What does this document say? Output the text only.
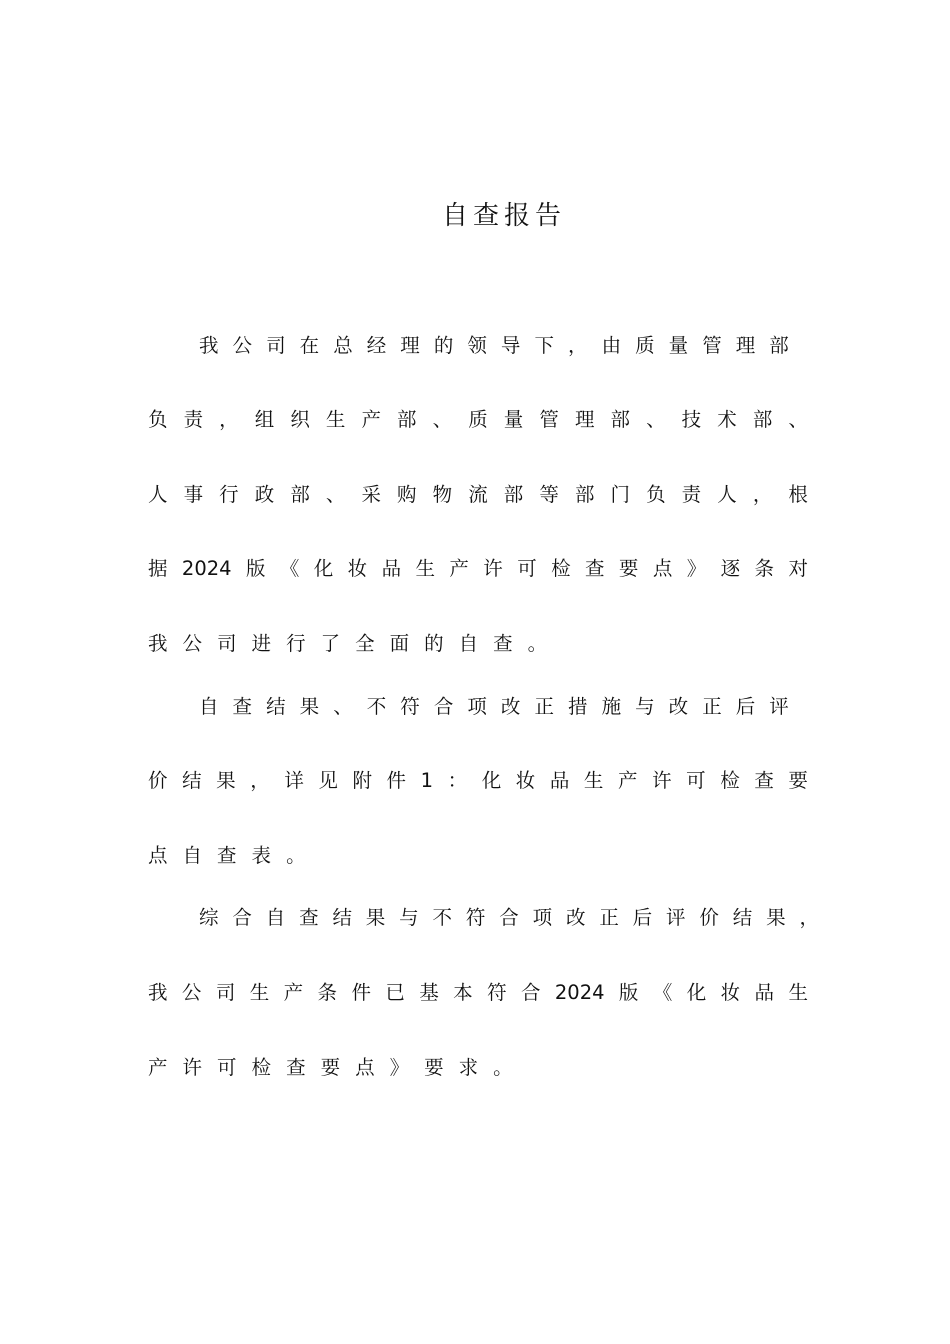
自查报告
我 公 司 在 总 经 理 的 领 导 下 ， 由 质 量 管 理 部
负 责 ， 组 织 生 产 部 、 质 量 管 理 部 、 技 术 部 、
人 事 行 政 部 、 采 购 物 流 部 等 部 门 负 责 人 ， 根
据 2024 版 《 化 妆 品 生 产 许 可 检 查 要 点 》 逐 条 对
我 公 司 进 行 了 全 面 的 自 查 。
自 查 结 果 、 不 符 合 项 改 正 措 施 与 改 正 后 评
价 结 果 ， 详 见 附 件 1 ： 化 妆 品 生 产 许 可 检 查 要
点 自 查 表 。
综 合 自 查 结 果 与 不 符 合 项 改 正 后 评 价 结 果 ，
我 公 司 生 产 条 件 已 基 本 符 合 2024 版 《 化 妆 品 生
产 许 可 检 查 要 点 》 要 求 。
